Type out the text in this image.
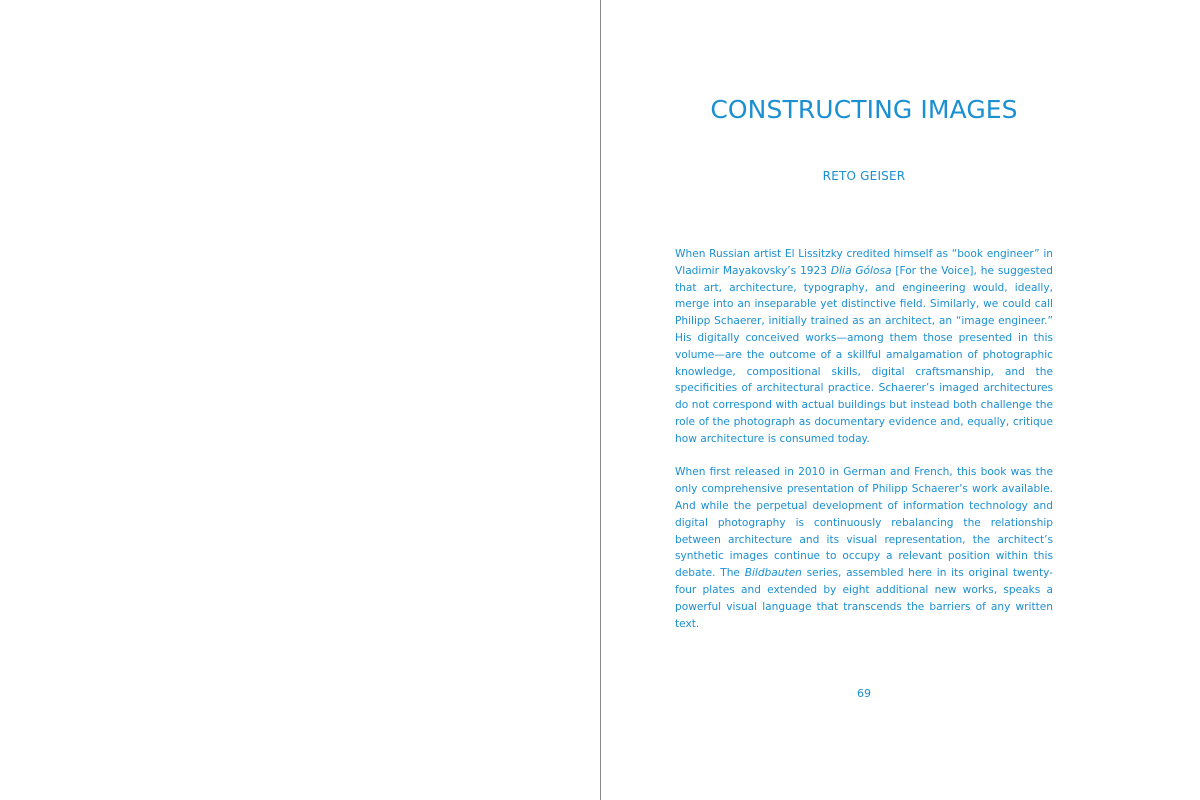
CONSTRUCTING IMAGES
RETO GEISER

When Russian artist El Lissitzky credited himself as “book engineer” in Vladimir Mayakovsky’s 1923 Dlia Gólosa [For the Voice], he suggested that art, architecture, typography, and engineering would, ideally, merge into an inseparable yet distinctive field. Similarly, we could call Philipp Schaerer, initially trained as an architect, an “image engineer.” His digitally conceived works—among them those presented in this volume—are the outcome of a skillful amalgamation of photographic knowledge, compositional skills, digital craftsmanship, and the specificities of architectural practice. Schaerer’s imaged architectures do not correspond with actual buildings but instead both challenge the role of the photograph as documentary evidence and, equally, critique how architecture is consumed today.

When first released in 2010 in German and French, this book was the only comprehensive presentation of Philipp Schaerer’s work available. And while the perpetual development of information technology and digital photography is continuously rebalancing the relationship between architecture and its visual representation, the architect’s synthetic images continue to occupy a relevant position within this debate. The Bildbauten series, assembled here in its original twenty-four plates and extended by eight additional new works, speaks a powerful visual language that transcends the barriers of any written text.

69
